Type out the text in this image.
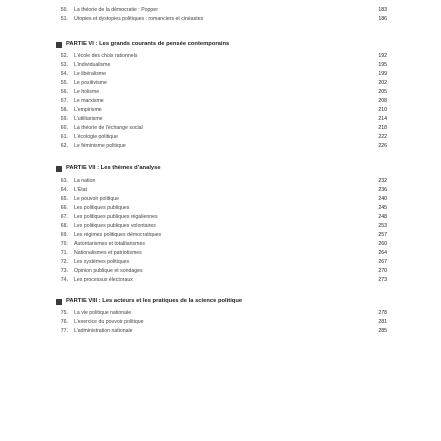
50. La théorie de la démocratie : Popper	183
51. Utopies et dystopies politiques : romanciers et cinéastes	186
PARTIE VI : Les grands courants de pensée contemporains
52. L’école des choix rationnels	192
53. L’individualisme	195
54. Le libéralisme	199
55. Le positivisme	202
56. Le holisme	205
57. Le marxisme	208
58. L’empirisme	210
59. L’utilitarisme	214
60. La théorie de l’échange social	218
61. L’écologie politique	222
62. Le féminisme politique	226
PARTIE VII : Les thèmes d’analyse
63. La nation	232
64. L’État	236
65. Le pouvoir politique	240
66. Les politiques publiques	245
67. Les politiques publiques régaliennes	248
68. Les politiques publiques volontaires	253
69. Les régimes politiques démocratiques	257
70. Autoritarismes et totalitarismes	260
71. Nationalismes et patriotismes	264
72. Les systèmes politiques	267
73. Opinion publique et sondages	270
74. Les processus électoraux	273
PARTIE VIII : Les acteurs et les pratiques de la science politique
75. La vie politique nationale	278
76. L’exercice du pouvoir politique	281
77. L’administration nationale	285
